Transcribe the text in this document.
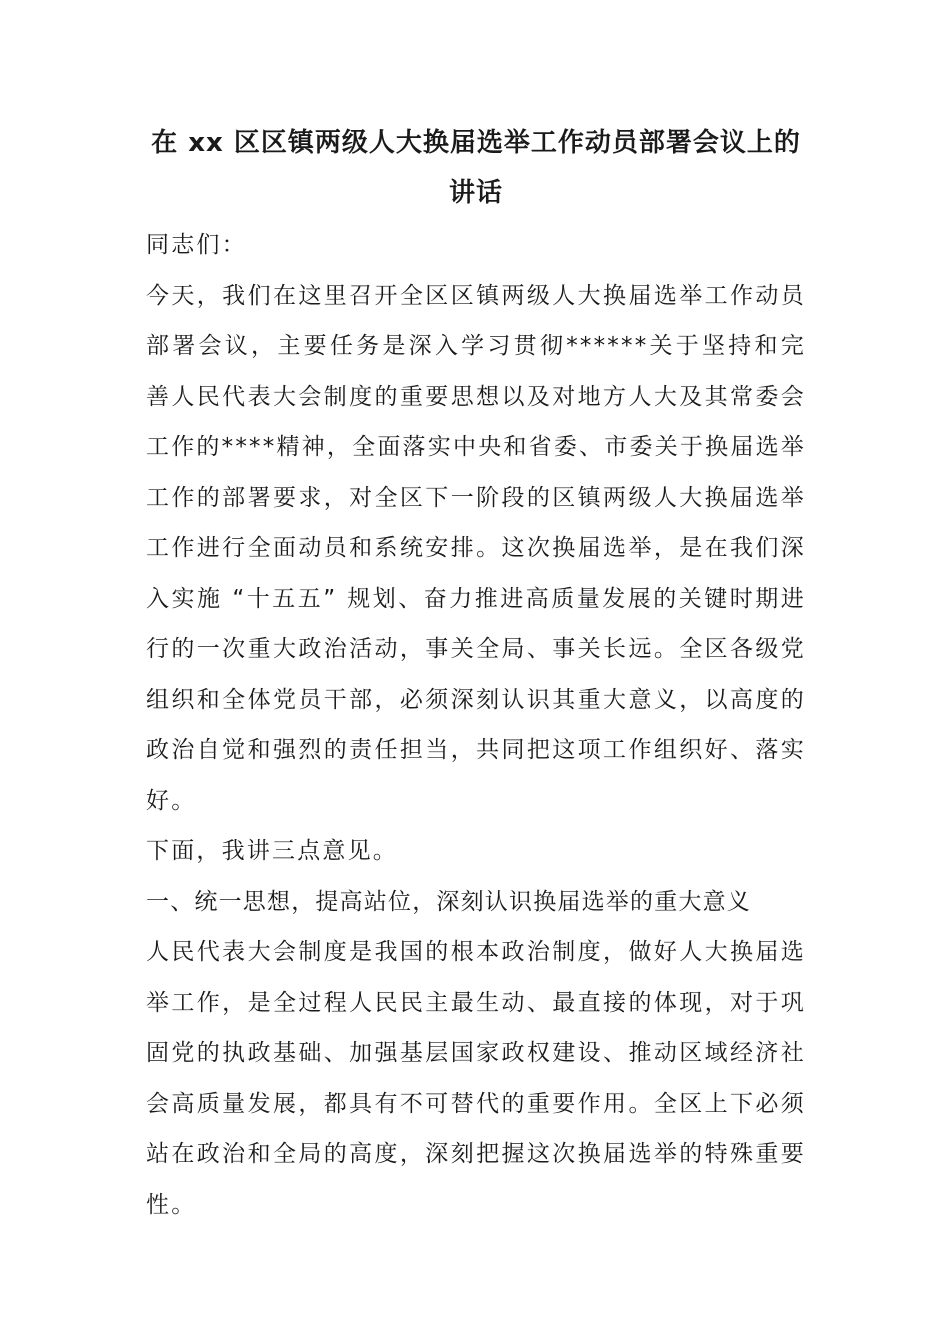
在 xx 区区镇两级人大换届选举工作动员部署会议上的讲话

同志们：

今天，我们在这里召开全区区镇两级人大换届选举工作动员部署会议，主要任务是深入学习贯彻******关于坚持和完善人民代表大会制度的重要思想以及对地方人大及其常委会工作的****精神，全面落实中央和省委、市委关于换届选举工作的部署要求，对全区下一阶段的区镇两级人大换届选举工作进行全面动员和系统安排。这次换届选举，是在我们深入实施 “十五五” 规划、奋力推进高质量发展的关键时期进行的一次重大政治活动，事关全局、事关长远。全区各级党组织和全体党员干部，必须深刻认识其重大意义，以高度的政治自觉和强烈的责任担当，共同把这项工作组织好、落实好。

下面，我讲三点意见。

一、统一思想，提高站位，深刻认识换届选举的重大意义

人民代表大会制度是我国的根本政治制度，做好人大换届选举工作，是全过程人民民主最生动、最直接的体现，对于巩固党的执政基础、加强基层国家政权建设、推动区域经济社会高质量发展，都具有不可替代的重要作用。全区上下必须站在政治和全局的高度，深刻把握这次换届选举的特殊重要性。
